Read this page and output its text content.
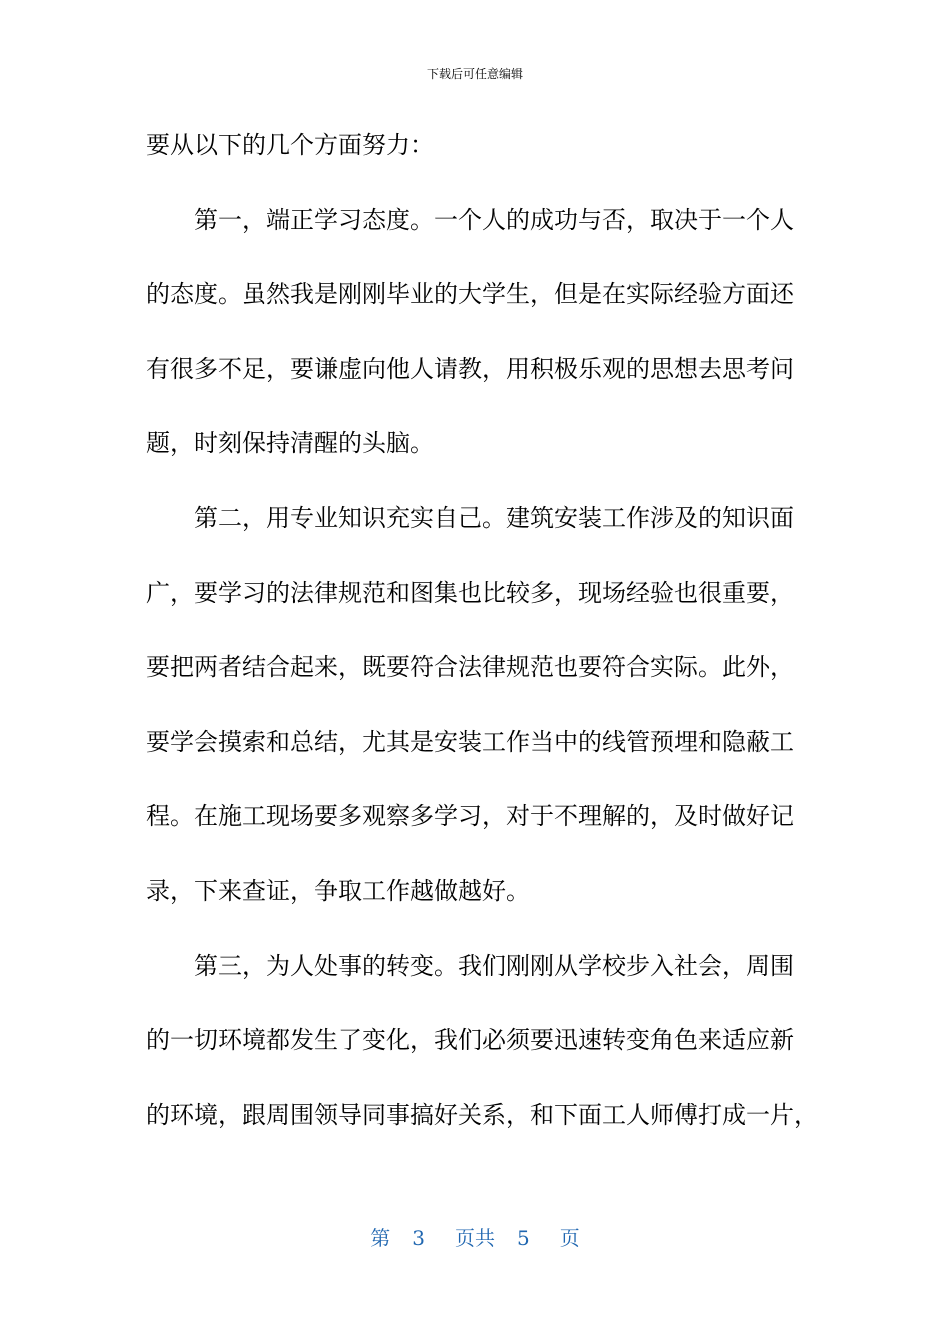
下载后可任意编辑
要从以下的几个方面努力：
第一，端正学习态度。一个人的成功与否，取决于一个人
的态度。虽然我是刚刚毕业的大学生，但是在实际经验方面还
有很多不足，要谦虚向他人请教，用积极乐观的思想去思考问
题，时刻保持清醒的头脑。
第二，用专业知识充实自己。建筑安装工作涉及的知识面
广，要学习的法律规范和图集也比较多，现场经验也很重要，
要把两者结合起来，既要符合法律规范也要符合实际。此外，
要学会摸索和总结，尤其是安装工作当中的线管预埋和隐蔽工
程。在施工现场要多观察多学习，对于不理解的，及时做好记
录，下来查证，争取工作越做越好。
第三，为人处事的转变。我们刚刚从学校步入社会，周围
的一切环境都发生了变化，我们必须要迅速转变角色来适应新
的环境，跟周围领导同事搞好关系，和下面工人师傅打成一片，
第 3 页共 5 页
